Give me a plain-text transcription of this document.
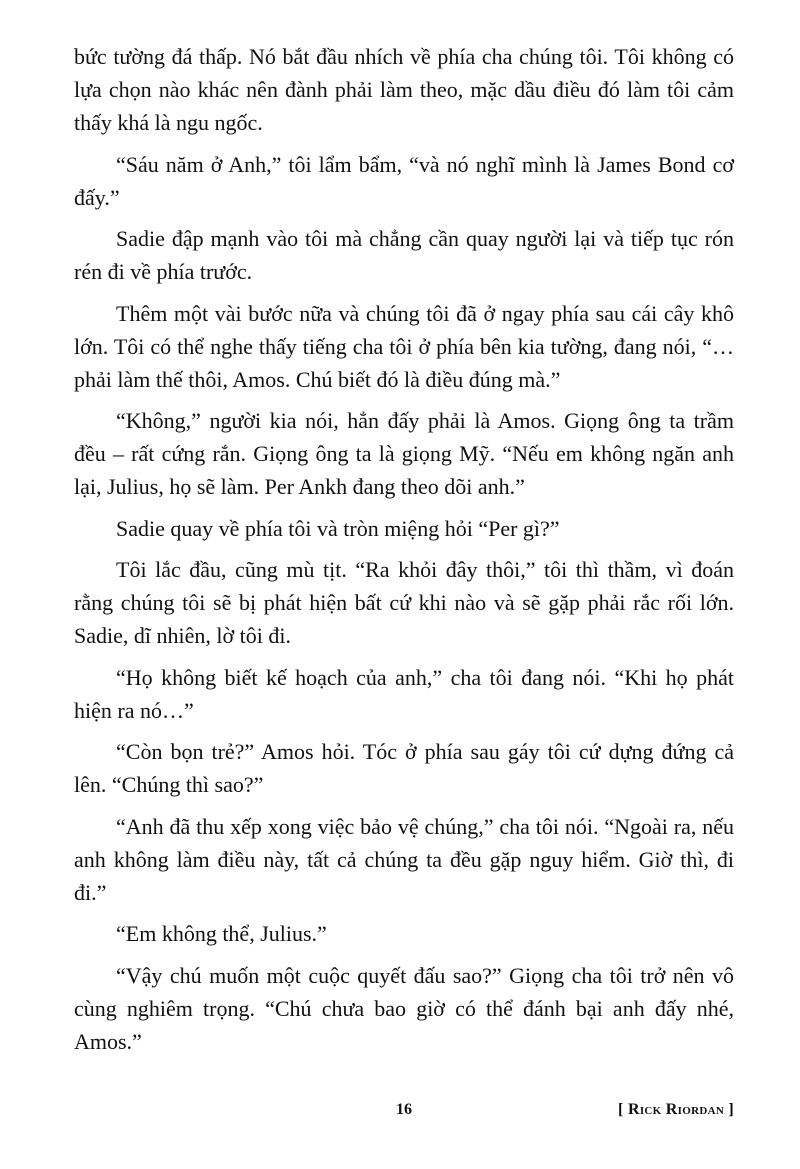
bức tường đá thấp. Nó bắt đầu nhích về phía cha chúng tôi. Tôi không có lựa chọn nào khác nên đành phải làm theo, mặc dầu điều đó làm tôi cảm thấy khá là ngu ngốc.

“Sáu năm ở Anh,” tôi lẩm bẩm, “và nó nghĩ mình là James Bond cơ đấy.”

Sadie đập mạnh vào tôi mà chẳng cần quay người lại và tiếp tục rón rén đi về phía trước.

Thêm một vài bước nữa và chúng tôi đã ở ngay phía sau cái cây khô lớn. Tôi có thể nghe thấy tiếng cha tôi ở phía bên kia tường, đang nói, “… phải làm thế thôi, Amos. Chú biết đó là điều đúng mà.”

“Không,” người kia nói, hẳn đấy phải là Amos. Giọng ông ta trầm đều – rất cứng rắn. Giọng ông ta là giọng Mỹ. “Nếu em không ngăn anh lại, Julius, họ sẽ làm. Per Ankh đang theo dõi anh.”

Sadie quay về phía tôi và tròn miệng hỏi “Per gì?”

Tôi lắc đầu, cũng mù tịt. “Ra khỏi đây thôi,” tôi thì thầm, vì đoán rằng chúng tôi sẽ bị phát hiện bất cứ khi nào và sẽ gặp phải rắc rối lớn. Sadie, dĩ nhiên, lờ tôi đi.

“Họ không biết kế hoạch của anh,” cha tôi đang nói. “Khi họ phát hiện ra nó…”

“Còn bọn trẻ?” Amos hỏi. Tóc ở phía sau gáy tôi cứ dựng đứng cả lên. “Chúng thì sao?”

“Anh đã thu xếp xong việc bảo vệ chúng,” cha tôi nói. “Ngoài ra, nếu anh không làm điều này, tất cả chúng ta đều gặp nguy hiểm. Giờ thì, đi đi.”

“Em không thể, Julius.”

“Vậy chú muốn một cuộc quyết đấu sao?” Giọng cha tôi trở nên vô cùng nghiêm trọng. “Chú chưa bao giờ có thể đánh bại anh đấy nhé, Amos.”

16	[ Rick Riordan ]
